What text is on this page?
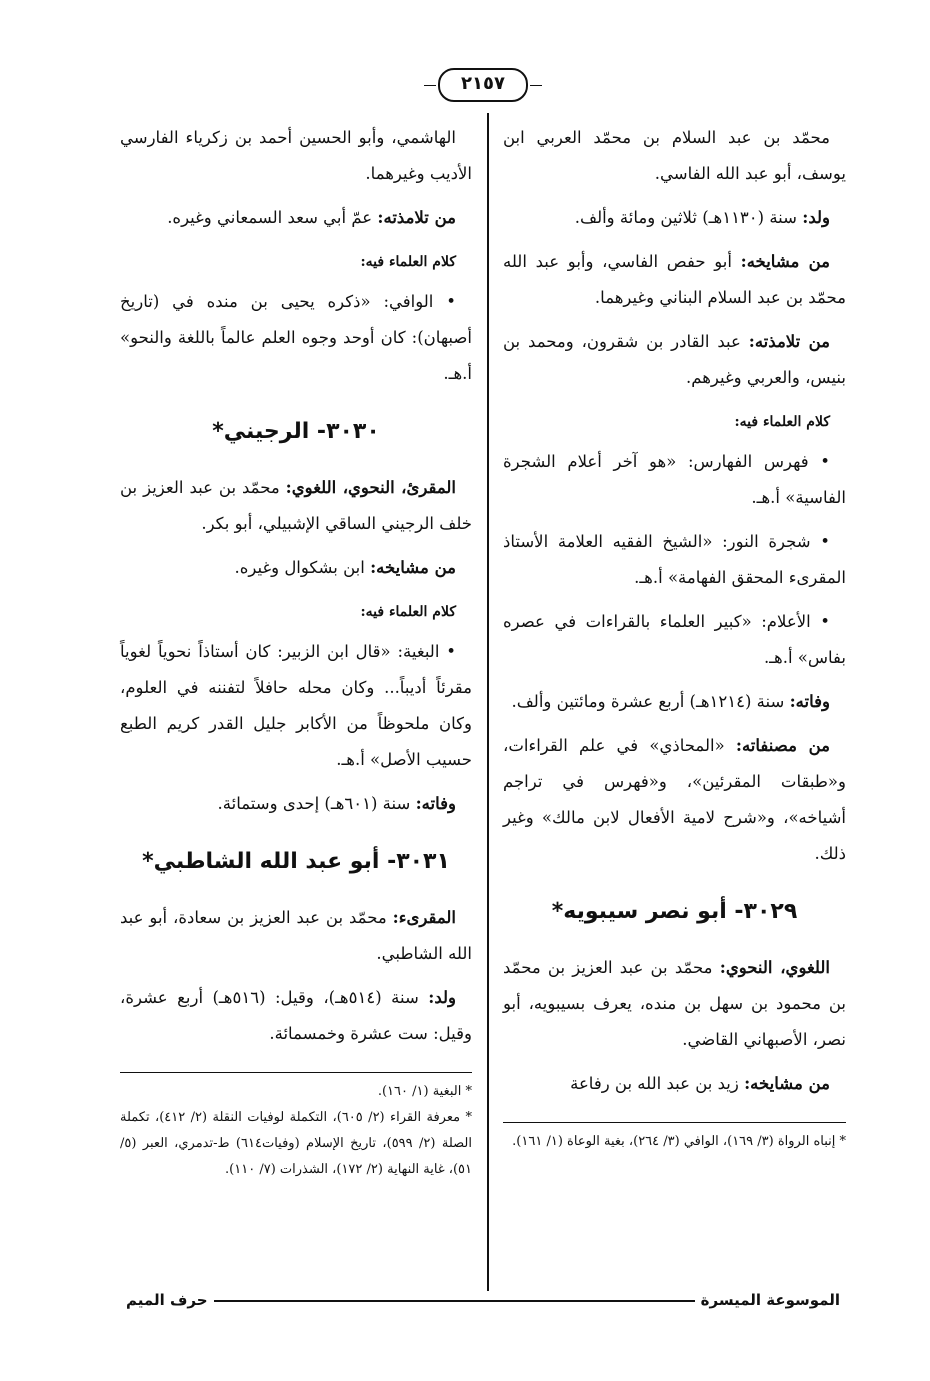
٢١٥٧

محمّد بن عبد السلام بن محمّد العربي ابن يوسف، أبو عبد الله الفاسي.

ولد: سنة (١١٣٠هـ) ثلاثين ومائة وألف.

من مشايخه: أبو حفص الفاسي، وأبو عبد الله محمّد بن عبد السلام البناني وغيرهما.

من تلامذته: عبد القادر بن شقرون، ومحمد بن بنيس، والعربي وغيرهم.

كلام العلماء فيه:

• فهرس الفهارس: «هو آخر أعلام الشجرة الفاسية» أ.هـ.

• شجرة النور: «الشيخ الفقيه العلامة الأستاذ المقرىء المحقق الفهامة» أ.هـ.

• الأعلام: «كبير العلماء بالقراءات في عصره بفاس» أ.هـ.

وفاته: سنة (١٢١٤هـ) أربع عشرة ومائتين وألف.

من مصنفاته: «المحاذي» في علم القراءات، و«طبقات المقرئين»، و«فهرس في تراجم أشياخه»، و«شرح لامية الأفعال لابن مالك» وغير ذلك.

٣٠٢٩- أبو نصر سيبويه*

اللغوي، النحوي: محمّد بن عبد العزيز بن محمّد بن محمود بن سهل بن منده، يعرف بسيبويه، أبو نصر، الأصبهاني القاضي.

من مشايخه: زيد بن عبد الله بن رفاعة

* إنباه الرواة (٣/ ١٦٩)، الوافي (٣/ ٢٦٤)، بغية الوعاة (١/ ١٦١).

الهاشمي، وأبو الحسين أحمد بن زكرياء الفارسي الأديب وغيرهما.

من تلامذته: عمّ أبي سعد السمعاني وغيره.

كلام العلماء فيه:

• الوافي: «ذكره يحيى بن منده في (تاريخ أصبهان): كان أوحد وجوه العلم عالماً باللغة والنحو» أ.هـ.

٣٠٣٠- الرجيني*

المقرئ، النحوي، اللغوي: محمّد بن عبد العزيز بن خلف الرجيني الساقي الإشبيلي، أبو بكر.

من مشايخه: ابن بشكوال وغيره.

كلام العلماء فيه:

• البغية: «قال ابن الزبير: كان أستاذاً نحوياً لغوياً مقرئاً أديباً... وكان محله حافلاً لتفننه في العلوم، وكان ملحوظاً من الأكابر جليل القدر كريم الطبع حسيب الأصل» أ.هـ.

وفاته: سنة (٦٠١هـ) إحدى وستمائة.

٣٠٣١- أبو عبد الله الشاطبي*

المقرىء: محمّد بن عبد العزيز بن سعادة، أبو عبد الله الشاطبي.

ولد: سنة (٥١٤هـ)، وقيل: (٥١٦هـ) أربع عشرة، وقيل: ست عشرة وخمسمائة.

* البغية (١/ ١٦٠).

* معرفة القراء (٢/ ٦٠٥)، التكملة لوفيات النقلة (٢/ ٤١٢)، تكملة الصلة (٢/ ٥٩٩)، تاريخ الإسلام (وفيات٦١٤) ط-تدمري، العبر (٥/ ٥١)، غاية النهاية (٢/ ١٧٢)، الشذرات (٧/ ١١٠).

الموسوعة الميسرة
حرف الميم
